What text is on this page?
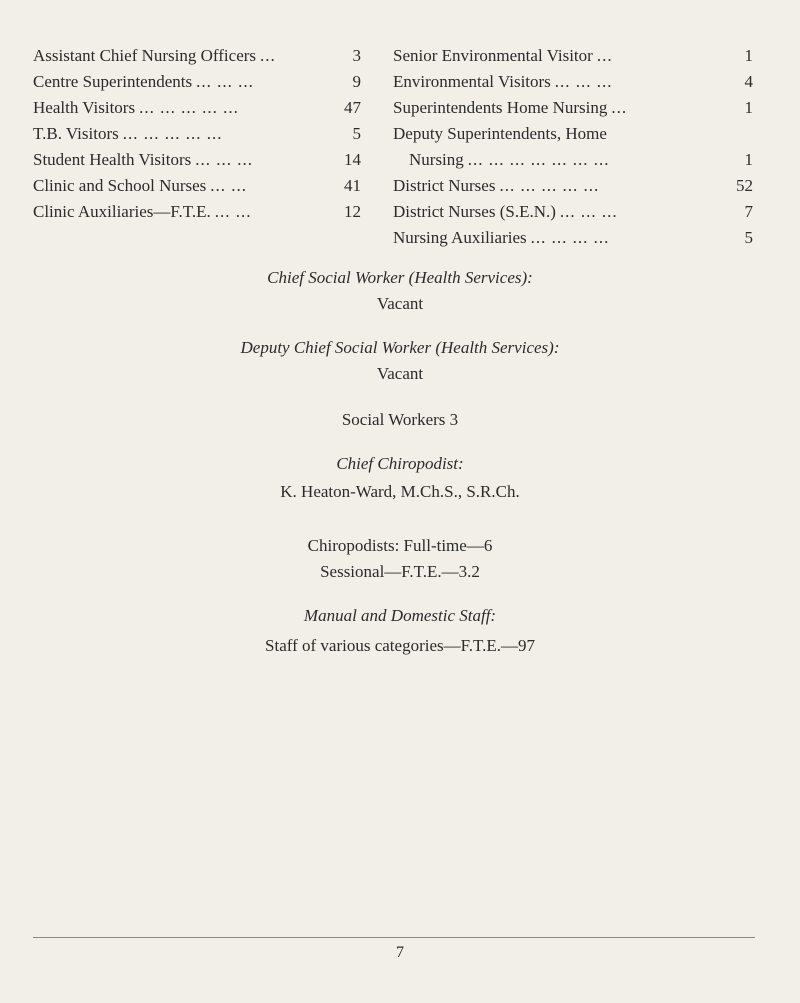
Assistant Chief Nursing Officers ...	3
Centre Superintendents ... ... ...	9
Health Visitors ... ... ... ... ...	47
T.B. Visitors ... ... ... ... ...	5
Student Health Visitors ... ... ...	14
Clinic and School Nurses ... ...	41
Clinic Auxiliaries—F.T.E. ... ...	12
Senior Environmental Visitor ...	1
Environmental Visitors ... ... ...	4
Superintendents Home Nursing ...	1
Deputy Superintendents, Home
Nursing ... ... ... ... ... ... ...	1
District Nurses ... ... ... ... ...	52
District Nurses (S.E.N.) ... ... ...	7
Nursing Auxiliaries ... ... ... ...	5
Chief Social Worker (Health Services):
Vacant
Deputy Chief Social Worker (Health Services):
Vacant
Social Workers 3
Chief Chiropodist:
K. Heaton-Ward, M.Ch.S., S.R.Ch.
Chiropodists: Full-time—6
Sessional—F.T.E.—3.2
Manual and Domestic Staff:
Staff of various categories—F.T.E.—97
7
